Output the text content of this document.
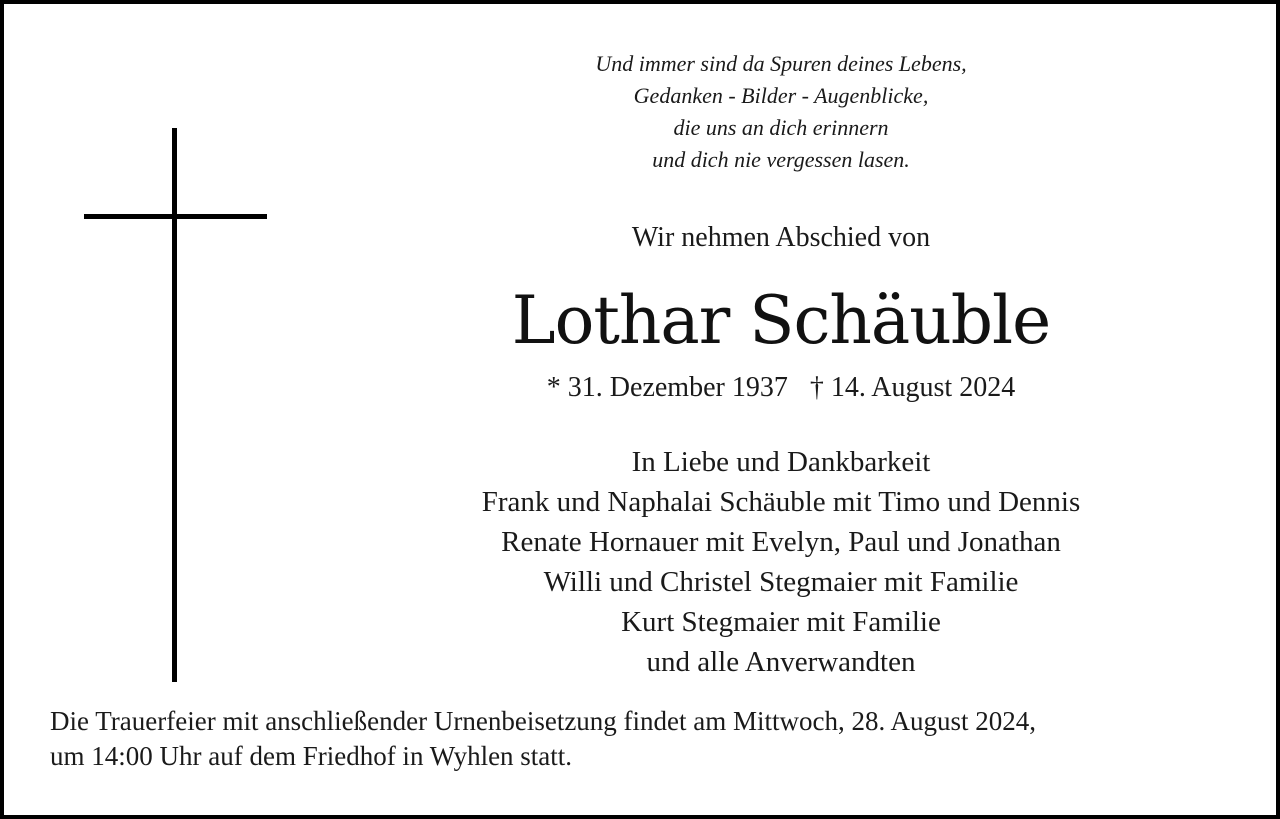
Und immer sind da Spuren deines Lebens,
Gedanken - Bilder - Augenblicke,
die uns an dich erinnern
und dich nie vergessen lasen.
Wir nehmen Abschied von
Lothar Schäuble
* 31. Dezember 1937 † 14. August 2024
In Liebe und Dankbarkeit
Frank und Naphalai Schäuble mit Timo und Dennis
Renate Hornauer mit Evelyn, Paul und Jonathan
Willi und Christel Stegmaier mit Familie
Kurt Stegmaier mit Familie
und alle Anverwandten
Die Trauerfeier mit anschließender Urnenbeisetzung findet am Mittwoch, 28. August 2024,
um 14:00 Uhr auf dem Friedhof in Wyhlen statt.
